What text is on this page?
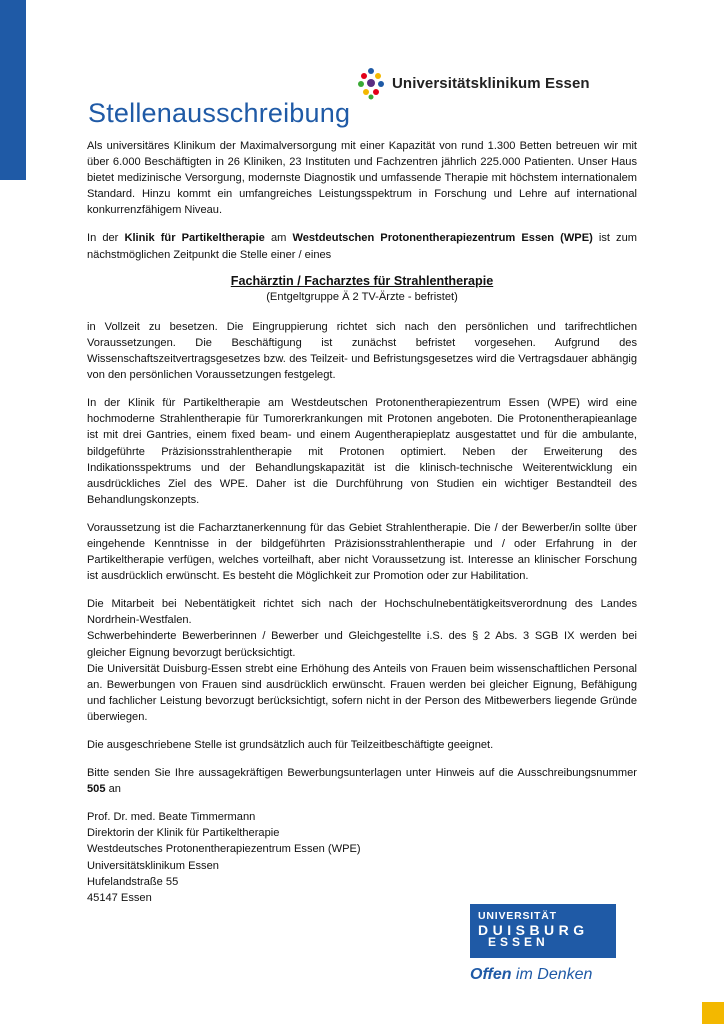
Universitätsklinikum Essen
Stellenausschreibung

Als universitäres Klinikum der Maximalversorgung mit einer Kapazität von rund 1.300 Betten betreuen wir mit über 6.000 Beschäftigten in 26 Kliniken, 23 Instituten und Fachzentren jährlich 225.000 Patienten. Unser Haus bietet medizinische Versorgung, modernste Diagnostik und umfassende Therapie mit höchstem internationalem Standard. Hinzu kommt ein umfangreiches Leistungsspektrum in Forschung und Lehre auf international konkurrenzfähigem Niveau.

In der Klinik für Partikeltherapie am Westdeutschen Protonentherapiezentrum Essen (WPE) ist zum nächstmöglichen Zeitpunkt die Stelle einer / eines

Fachärztin / Facharztes für Strahlentherapie
(Entgeltgruppe Ä 2 TV-Ärzte - befristet)

in Vollzeit zu besetzen. Die Eingruppierung richtet sich nach den persönlichen und tarifrechtlichen Voraussetzungen. Die Beschäftigung ist zunächst befristet vorgesehen. Aufgrund des Wissenschaftszeitvertragsgesetzes bzw. des Teilzeit- und Befristungsgesetzes wird die Vertragsdauer abhängig von den persönlichen Voraussetzungen festgelegt.

In der Klinik für Partikeltherapie am Westdeutschen Protonentherapiezentrum Essen (WPE) wird eine hochmoderne Strahlentherapie für Tumorerkrankungen mit Protonen angeboten. Die Protonentherapieanlage ist mit drei Gantries, einem fixed beam- und einem Augentherapieplatz ausgestattet und für die ambulante, bildgeführte Präzisionsstrahlentherapie mit Protonen optimiert. Neben der Erweiterung des Indikationsspektrums und der Behandlungskapazität ist die klinisch-technische Weiterentwicklung ein ausdrückliches Ziel des WPE. Daher ist die Durchführung von Studien ein wichtiger Bestandteil des Behandlungskonzepts.

Voraussetzung ist die Facharztanerkennung für das Gebiet Strahlentherapie. Die / der Bewerber/in sollte über eingehende Kenntnisse in der bildgeführten Präzisionsstrahlentherapie und / oder Erfahrung in der Partikeltherapie verfügen, welches vorteilhaft, aber nicht Voraussetzung ist. Interesse an klinischer Forschung ist ausdrücklich erwünscht. Es besteht die Möglichkeit zur Promotion oder zur Habilitation.

Die Mitarbeit bei Nebentätigkeit richtet sich nach der Hochschulnebentätigkeitsverordnung des Landes Nordrhein-Westfalen.
Schwerbehinderte Bewerberinnen / Bewerber und Gleichgestellte i.S. des § 2 Abs. 3 SGB IX werden bei gleicher Eignung bevorzugt berücksichtigt.
Die Universität Duisburg-Essen strebt eine Erhöhung des Anteils von Frauen beim wissenschaftlichen Personal an. Bewerbungen von Frauen sind ausdrücklich erwünscht. Frauen werden bei gleicher Eignung, Befähigung und fachlicher Leistung bevorzugt berücksichtigt, sofern nicht in der Person des Mitbewerbers liegende Gründe überwiegen.

Die ausgeschriebene Stelle ist grundsätzlich auch für Teilzeitbeschäftigte geeignet.

Bitte senden Sie Ihre aussagekräftigen Bewerbungsunterlagen unter Hinweis auf die Ausschreibungsnummer 505 an

Prof. Dr. med. Beate Timmermann
Direktorin der Klinik für Partikeltherapie
Westdeutsches Protonentherapiezentrum Essen (WPE)
Universitätsklinikum Essen
Hufelandstraße 55
45147 Essen
UNIVERSITÄT
DUISBURG
ESSEN
Offen im Denken
